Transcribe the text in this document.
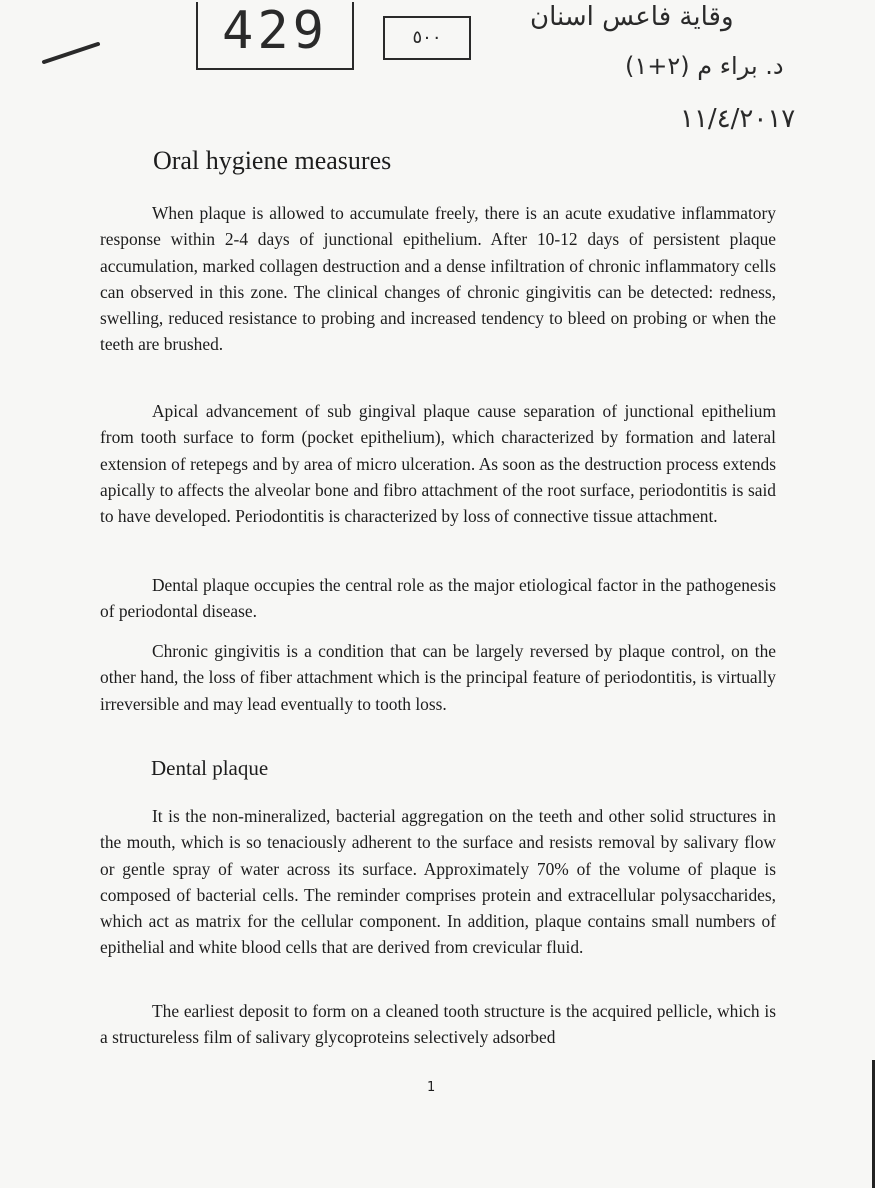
429	٥٠٠
وقاية فاعس اسنان
د. براء م (٢+١)
١١/٤/٢٠١٧
Oral hygiene measures

When plaque is allowed to accumulate freely, there is an acute exudative inflammatory response within 2-4 days of junctional epithelium. After 10-12 days of persistent plaque accumulation, marked collagen destruction and a dense infiltration of chronic inflammatory cells can observed in this zone. The clinical changes of chronic gingivitis can be detected: redness, swelling, reduced resistance to probing and increased tendency to bleed on probing or when the teeth are brushed.

Apical advancement of sub gingival plaque cause separation of junctional epithelium from tooth surface to form (pocket epithelium), which characterized by formation and lateral extension of retepegs and by area of micro ulceration. As soon as the destruction process extends apically to affects the alveolar bone and fibro attachment of the root surface, periodontitis is said to have developed. Periodontitis is characterized by loss of connective tissue attachment.

Dental plaque occupies the central role as the major etiological factor in the pathogenesis of periodontal disease.

Chronic gingivitis is a condition that can be largely reversed by plaque control, on the other hand, the loss of fiber attachment which is the principal feature of periodontitis, is virtually irreversible and may lead eventually to tooth loss.

Dental plaque

It is the non-mineralized, bacterial aggregation on the teeth and other solid structures in the mouth, which is so tenaciously adherent to the surface and resists removal by salivary flow or gentle spray of water across its surface. Approximately 70% of the volume of plaque is composed of bacterial cells. The reminder comprises protein and extracellular polysaccharides, which act as matrix for the cellular component. In addition, plaque contains small numbers of epithelial and white blood cells that are derived from crevicular fluid.

The earliest deposit to form on a cleaned tooth structure is the acquired pellicle, which is a structureless film of salivary glycoproteins selectively adsorbed

1
